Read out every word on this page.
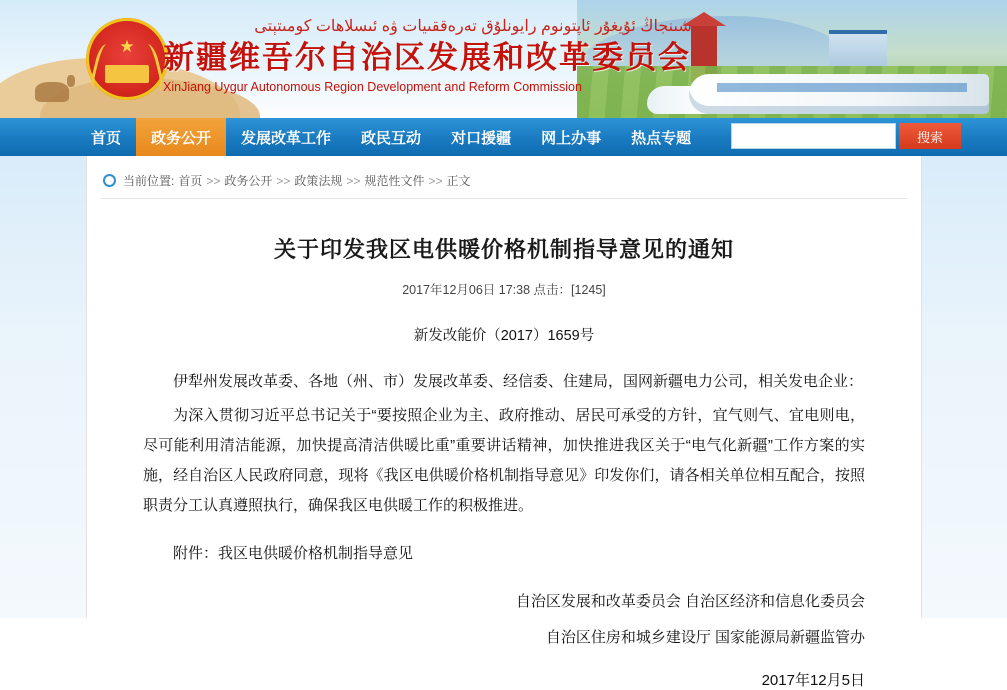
★
شىنجاڭ ئۇيغۇر ئاپتونوم رايونلۇق تەرەققىيات ۋە ئىسلاھات كومىتېتى
新疆维吾尔自治区发展和改革委员会
XinJiang Uygur Autonomous Region Development and Reform Commission
首页	政务公开	发展改革工作	政民互动	对口援疆	网上办事	热点专题	搜索
当前位置: 首页 >> 政务公开 >> 政策法规 >> 规范性文件 >> 正文
关于印发我区电供暖价格机制指导意见的通知
2017年12月06日 17:38 点击：[1245]
新发改能价（2017）1659号

伊犁州发展改革委、各地（州、市）发展改革委、经信委、住建局，国网新疆电力公司，相关发电企业：

为深入贯彻习近平总书记关于“要按照企业为主、政府推动、居民可承受的方针，宜气则气、宜电则电，尽可能利用清洁能源，加快提高清洁供暖比重”重要讲话精神，加快推进我区关于“电气化新疆”工作方案的实施，经自治区人民政府同意，现将《我区电供暖价格机制指导意见》印发你们，请各相关单位相互配合，按照职责分工认真遵照执行，确保我区电供暖工作的积极推进。

附件：我区电供暖价格机制指导意见
自治区发展和改革委员会 自治区经济和信息化委员会
自治区住房和城乡建设厅 国家能源局新疆监管办
2017年12月5日
